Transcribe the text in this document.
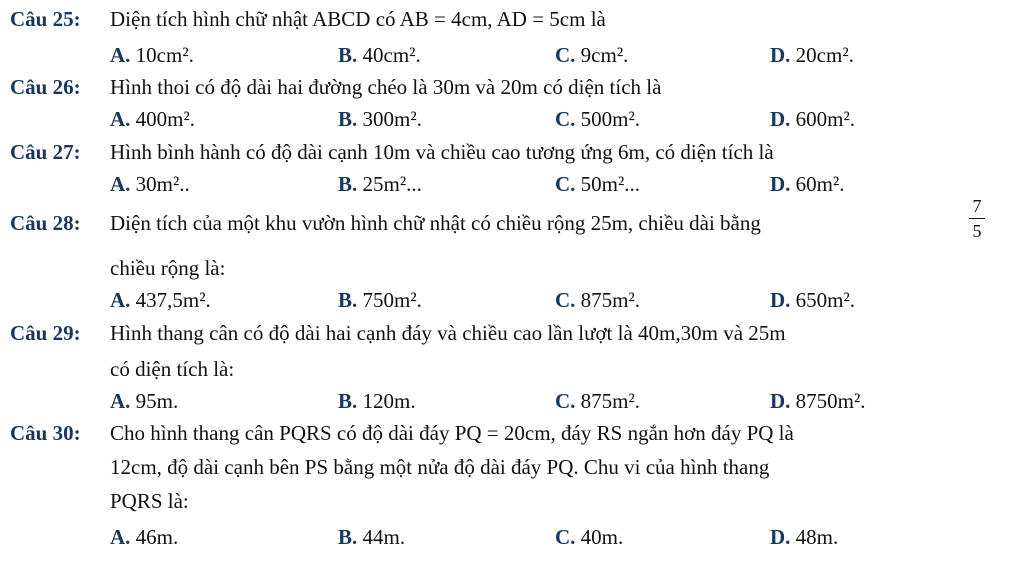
Câu 25: Diện tích hình chữ nhật ABCD có AB = 4cm, AD = 5cm là
A. 10cm².	B. 40cm².	C. 9cm².	D. 20cm².
Câu 26: Hình thoi có độ dài hai đường chéo là 30m và 20m có diện tích là
A. 400m².	B. 300m².	C. 500m².	D. 600m².
Câu 27: Hình bình hành có độ dài cạnh 10m và chiều cao tương ứng 6m, có diện tích là
A. 30m²..	B. 25m²...	C. 50m²...	D. 60m².
Câu 28: Diện tích của một khu vườn hình chữ nhật có chiều rộng 25m, chiều dài bằng
7
5
chiều rộng là:
A. 437,5m².	B. 750m².	C. 875m².	D. 650m².
Câu 29: Hình thang cân có độ dài hai cạnh đáy và chiều cao lần lượt là 40m,30m và 25m
có diện tích là:
A. 95m.	B. 120m.	C. 875m².	D. 8750m².
Câu 30: Cho hình thang cân PQRS có độ dài đáy PQ = 20cm, đáy RS ngắn hơn đáy PQ là
12cm, độ dài cạnh bên PS bằng một nửa độ dài đáy PQ. Chu vi của hình thang
PQRS là:
A. 46m.	B. 44m.	C. 40m.	D. 48m.
